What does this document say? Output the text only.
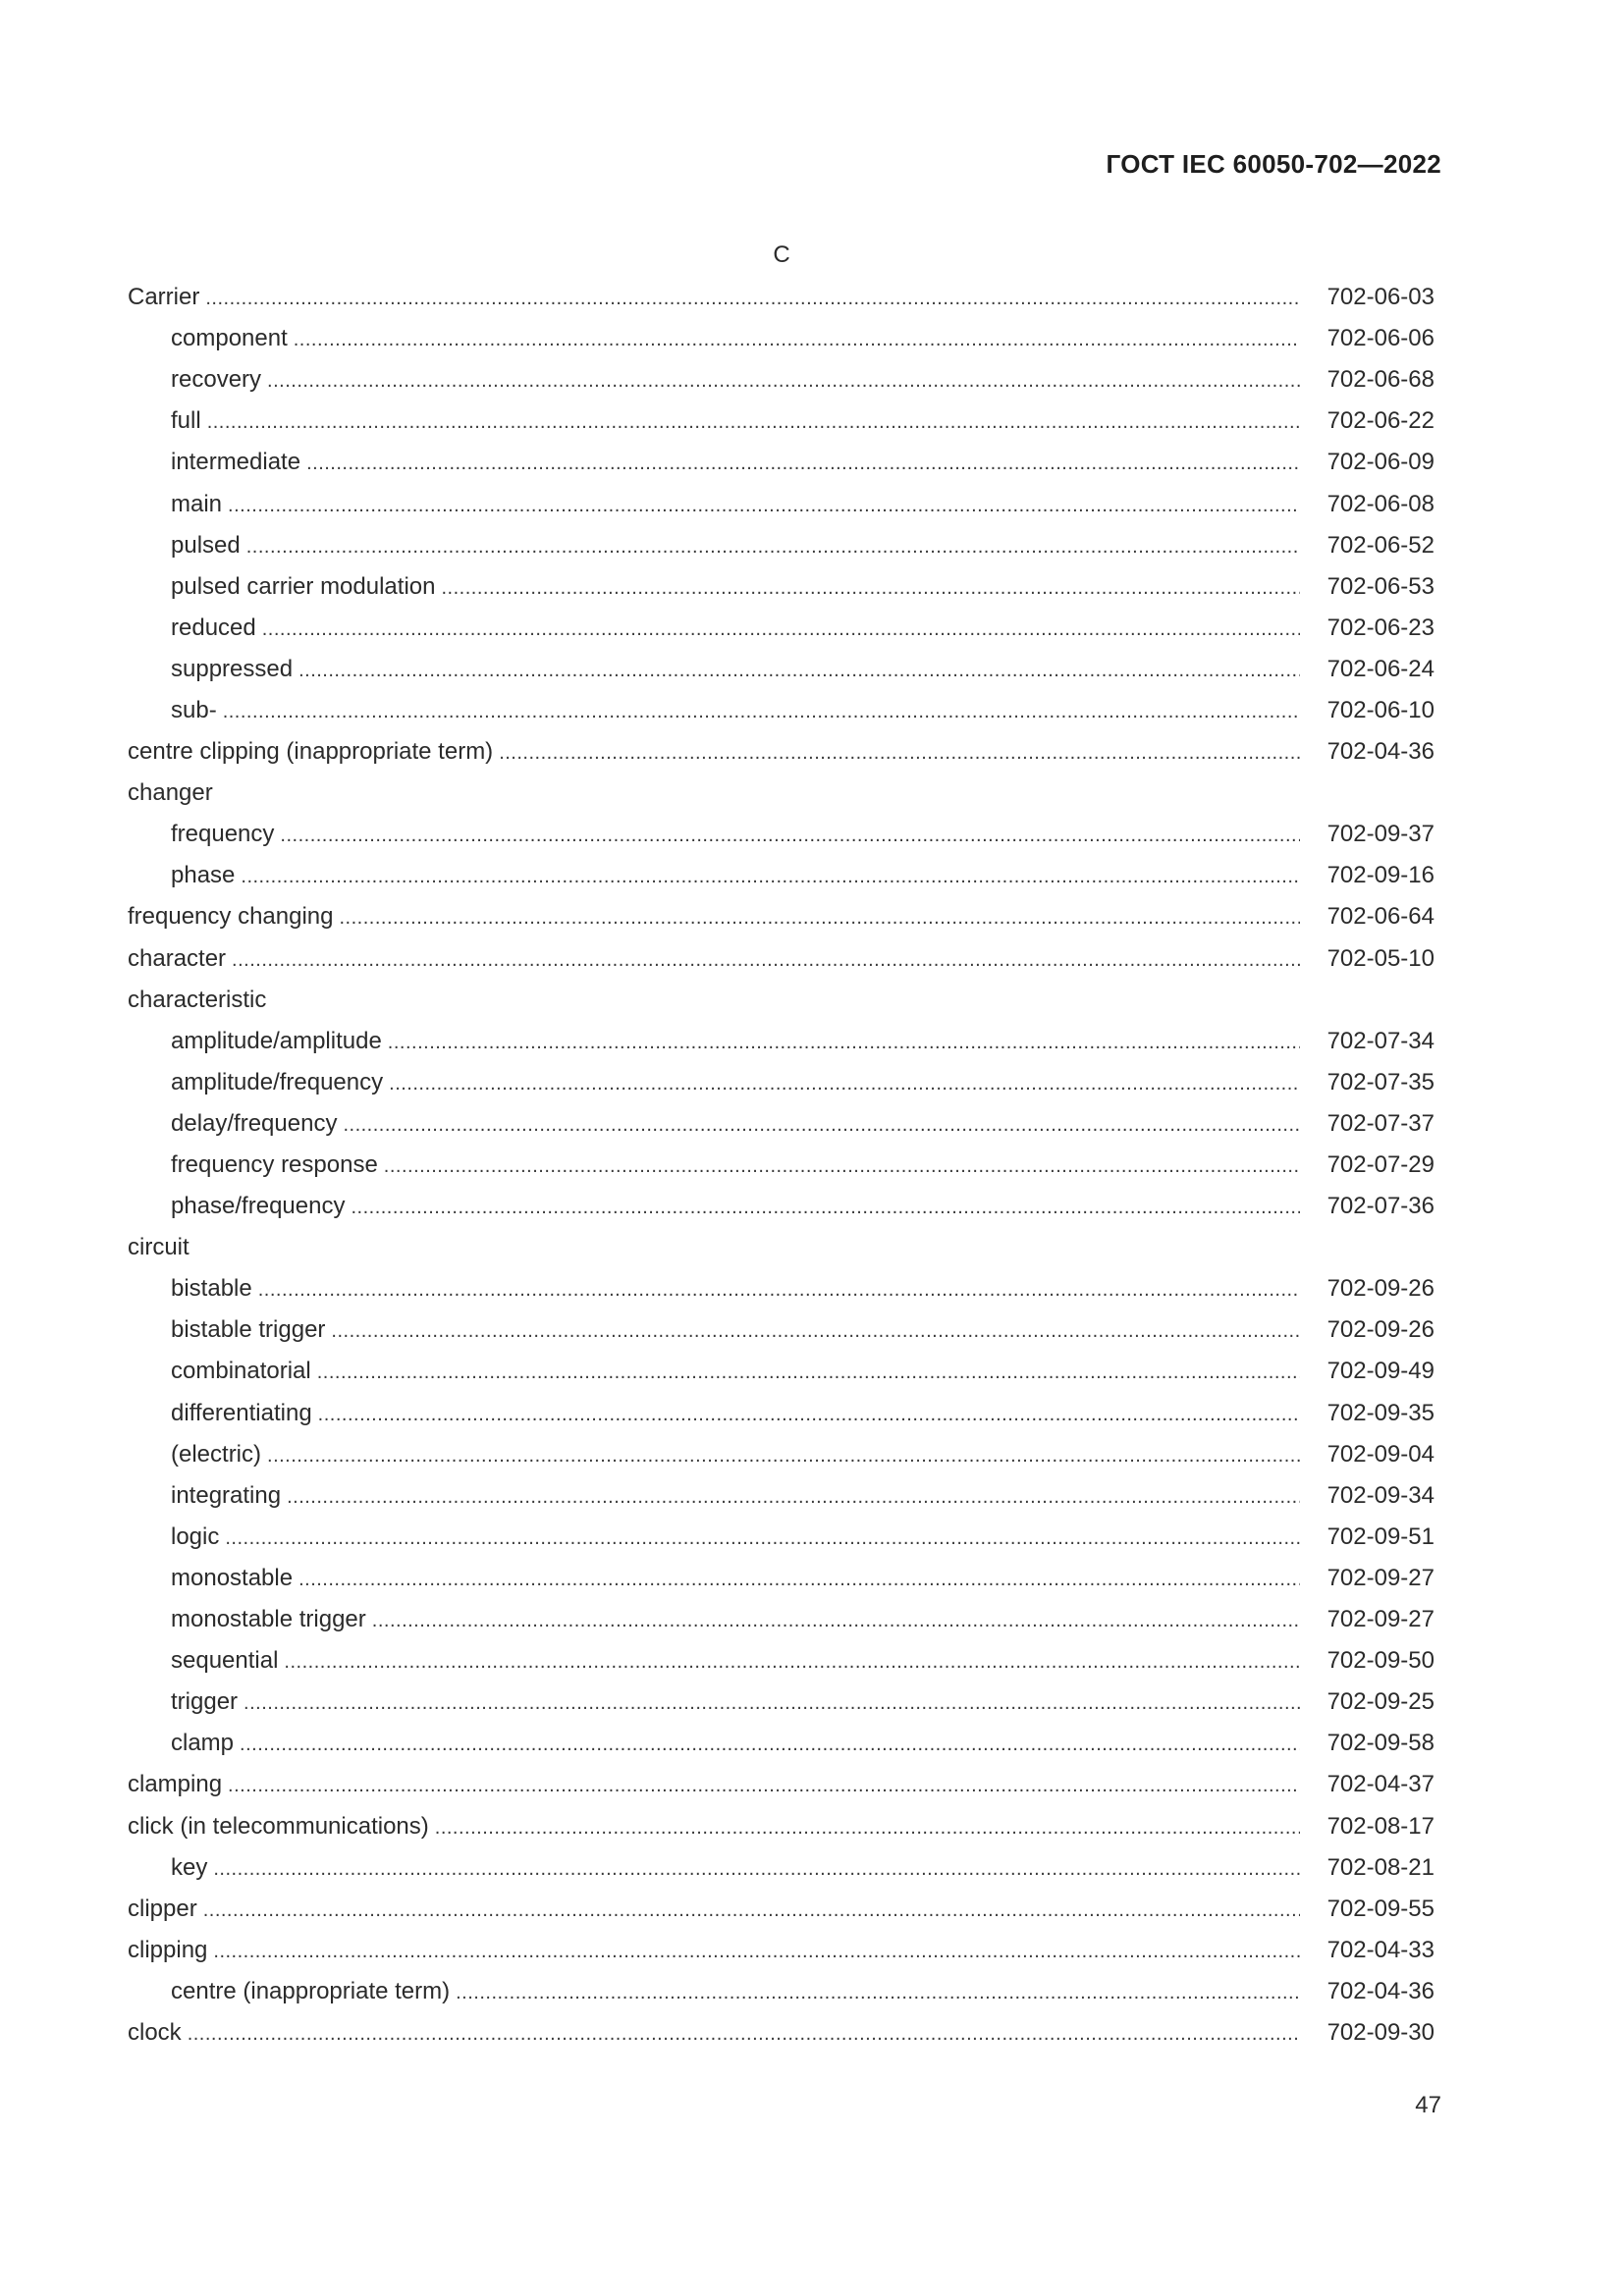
ГОСТ IEC 60050-702—2022
C
Carrier .....	702-06-03
component .....	702-06-06
recovery .....	702-06-68
full .....	702-06-22
intermediate .....	702-06-09
main .....	702-06-08
pulsed .....	702-06-52
pulsed carrier modulation .....	702-06-53
reduced .....	702-06-23
suppressed .....	702-06-24
sub- .....	702-06-10
centre clipping (inappropriate term) .....	702-04-36
changer
frequency .....	702-09-37
phase .....	702-09-16
frequency changing .....	702-06-64
character .....	702-05-10
characteristic
amplitude/amplitude .....	702-07-34
amplitude/frequency .....	702-07-35
delay/frequency .....	702-07-37
frequency response .....	702-07-29
phase/frequency .....	702-07-36
circuit
bistable .....	702-09-26
bistable trigger .....	702-09-26
combinatorial .....	702-09-49
differentiating .....	702-09-35
(electric) .....	702-09-04
integrating .....	702-09-34
logic .....	702-09-51
monostable .....	702-09-27
monostable trigger .....	702-09-27
sequential .....	702-09-50
trigger .....	702-09-25
clamp .....	702-09-58
clamping .....	702-04-37
click (in telecommunications) .....	702-08-17
key .....	702-08-21
clipper .....	702-09-55
clipping .....	702-04-33
centre (inappropriate term) .....	702-04-36
clock .....	702-09-30
47
